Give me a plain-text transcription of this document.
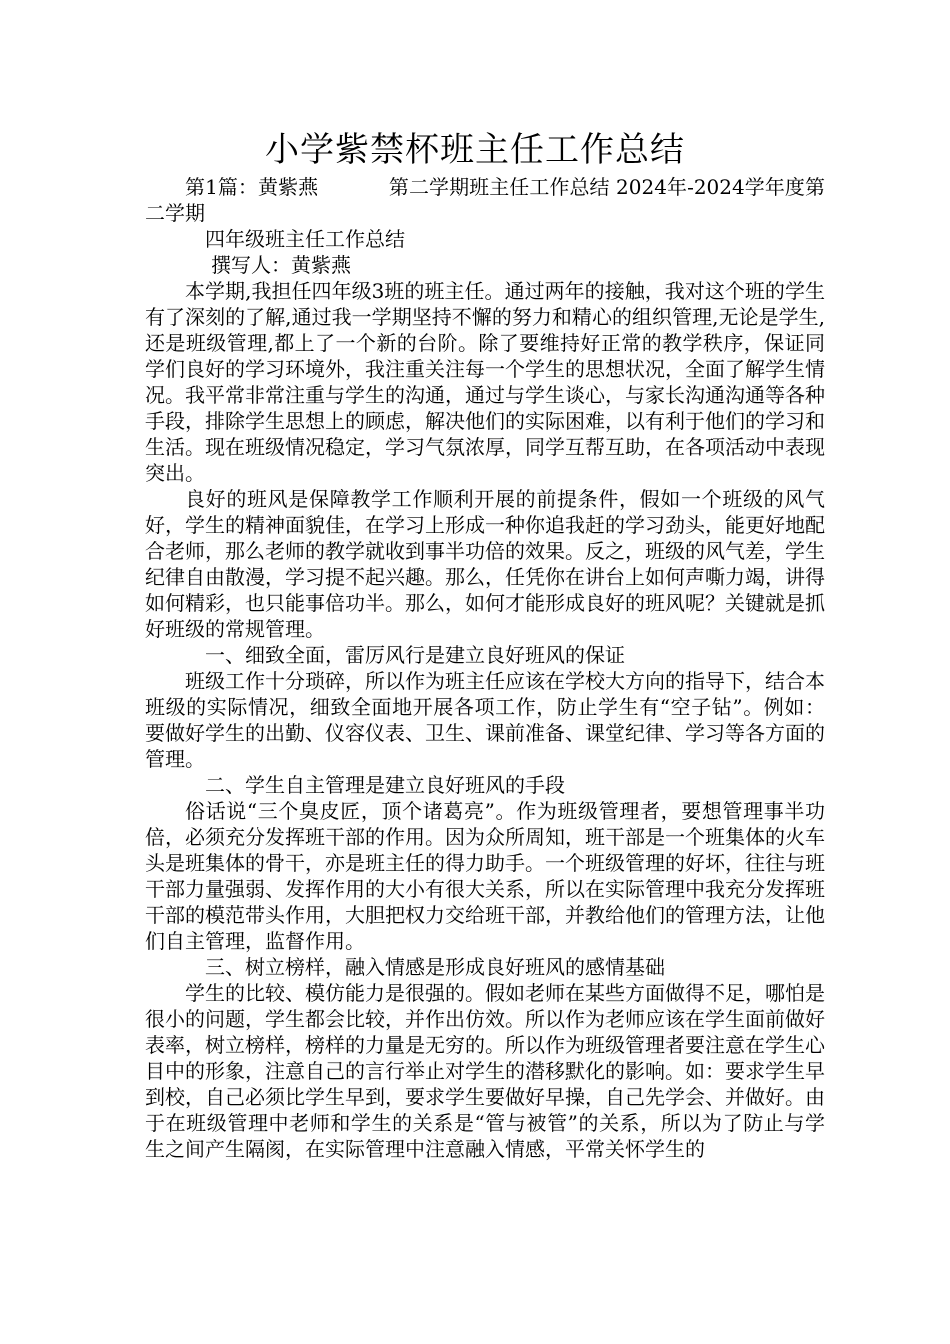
小学紫禁杯班主任工作总结

第1篇：黄紫燕	第二学期班主任工作总结 2024年-2024学年度第二学期

四年级班主任工作总结

撰写人：黄紫燕

本学期,我担任四年级3班的班主任。通过两年的接触，我对这个班的学生有了深刻的了解,通过我一学期坚持不懈的努力和精心的组织管理,无论是学生,还是班级管理,都上了一个新的台阶。除了要维持好正常的教学秩序，保证同学们良好的学习环境外，我注重关注每一个学生的思想状况，全面了解学生情况。我平常非常注重与学生的沟通，通过与学生谈心，与家长沟通沟通等各种手段，排除学生思想上的顾虑，解决他们的实际困难，以有利于他们的学习和生活。现在班级情况稳定，学习气氛浓厚，同学互帮互助，在各项活动中表现突出。

良好的班风是保障教学工作顺利开展的前提条件，假如一个班级的风气好，学生的精神面貌佳，在学习上形成一种你追我赶的学习劲头，能更好地配合老师，那么老师的教学就收到事半功倍的效果。反之，班级的风气差，学生纪律自由散漫，学习提不起兴趣。那么，任凭你在讲台上如何声嘶力竭，讲得如何精彩，也只能事倍功半。那么，如何才能形成良好的班风呢？关键就是抓好班级的常规管理。

一、细致全面，雷厉风行是建立良好班风的保证

班级工作十分琐碎，所以作为班主任应该在学校大方向的指导下，结合本班级的实际情况，细致全面地开展各项工作，防止学生有“空子钻”。例如：要做好学生的出勤、仪容仪表、卫生、课前准备、课堂纪律、学习等各方面的管理。

二、学生自主管理是建立良好班风的手段

俗话说“三个臭皮匠，顶个诸葛亮”。作为班级管理者，要想管理事半功倍，必须充分发挥班干部的作用。因为众所周知，班干部是一个班集体的火车头是班集体的骨干，亦是班主任的得力助手。一个班级管理的好坏，往往与班干部力量强弱、发挥作用的大小有很大关系，所以在实际管理中我充分发挥班干部的模范带头作用，大胆把权力交给班干部，并教给他们的管理方法，让他们自主管理，监督作用。

三、树立榜样，融入情感是形成良好班风的感情基础

学生的比较、模仿能力是很强的。假如老师在某些方面做得不足，哪怕是很小的问题，学生都会比较，并作出仿效。所以作为老师应该在学生面前做好表率，树立榜样，榜样的力量是无穷的。所以作为班级管理者要注意在学生心目中的形象，注意自己的言行举止对学生的潜移默化的影响。如：要求学生早到校，自己必须比学生早到，要求学生要做好早操，自己先学会、并做好。由于在班级管理中老师和学生的关系是“管与被管”的关系，所以为了防止与学生之间产生隔阂，在实际管理中注意融入情感，平常关怀学生的
